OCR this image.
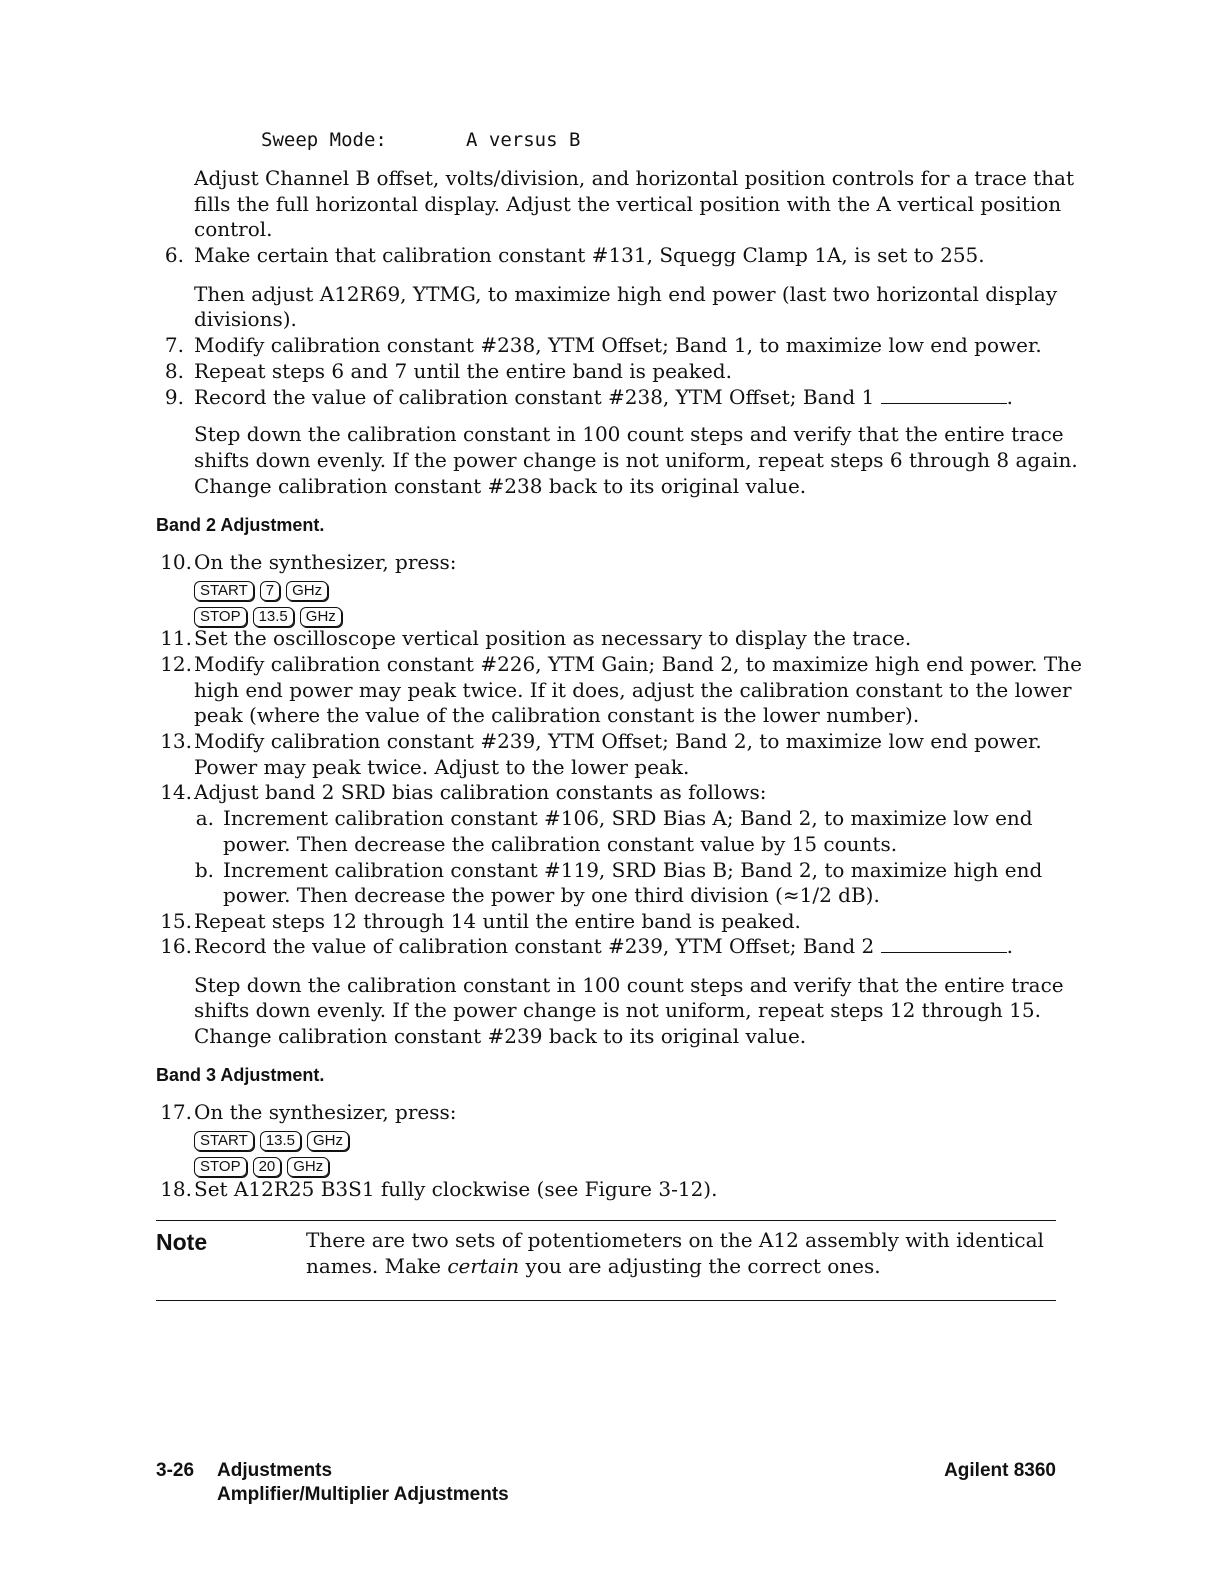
Sweep Mode:	A versus B
Adjust Channel B offset, volts/division, and horizontal position controls for a trace that
fills the full horizontal display. Adjust the vertical position with the A vertical position
control.
6. Make certain that calibration constant #131, Squegg Clamp 1A, is set to 255.
Then adjust A12R69, YTMG, to maximize high end power (last two horizontal display
divisions).
7. Modify calibration constant #238, YTM Offset; Band 1, to maximize low end power.
8. Repeat steps 6 and 7 until the entire band is peaked.
9. Record the value of calibration constant #238, YTM Offset; Band 1	.
Step down the calibration constant in 100 count steps and verify that the entire trace
shifts down evenly. If the power change is not uniform, repeat steps 6 through 8 again.
Change calibration constant #238 back to its original value.
Band 2 Adjustment.
10. On the synthesizer, press:
START 7 GHz
STOP 13.5 GHz
11. Set the oscilloscope vertical position as necessary to display the trace.
12. Modify calibration constant #226, YTM Gain; Band 2, to maximize high end power. The
high end power may peak twice. If it does, adjust the calibration constant to the lower
peak (where the value of the calibration constant is the lower number).
13. Modify calibration constant #239, YTM Offset; Band 2, to maximize low end power.
Power may peak twice. Adjust to the lower peak.
14. Adjust band 2 SRD bias calibration constants as follows:
a. Increment calibration constant #106, SRD Bias A; Band 2, to maximize low end
power. Then decrease the calibration constant value by 15 counts.
b. Increment calibration constant #119, SRD Bias B; Band 2, to maximize high end
power. Then decrease the power by one third division (≈1/2 dB).
15. Repeat steps 12 through 14 until the entire band is peaked.
16. Record the value of calibration constant #239, YTM Offset; Band 2	.
Step down the calibration constant in 100 count steps and verify that the entire trace
shifts down evenly. If the power change is not uniform, repeat steps 12 through 15.
Change calibration constant #239 back to its original value.
Band 3 Adjustment.
17. On the synthesizer, press:
START 13.5 GHz
STOP 20 GHz
18. Set A12R25 B3S1 fully clockwise (see Figure 3-12).
Note	There are two sets of potentiometers on the A12 assembly with identical
names. Make certain you are adjusting the correct ones.
3-26 Adjustments
Amplifier/Multiplier Adjustments
Agilent 8360
